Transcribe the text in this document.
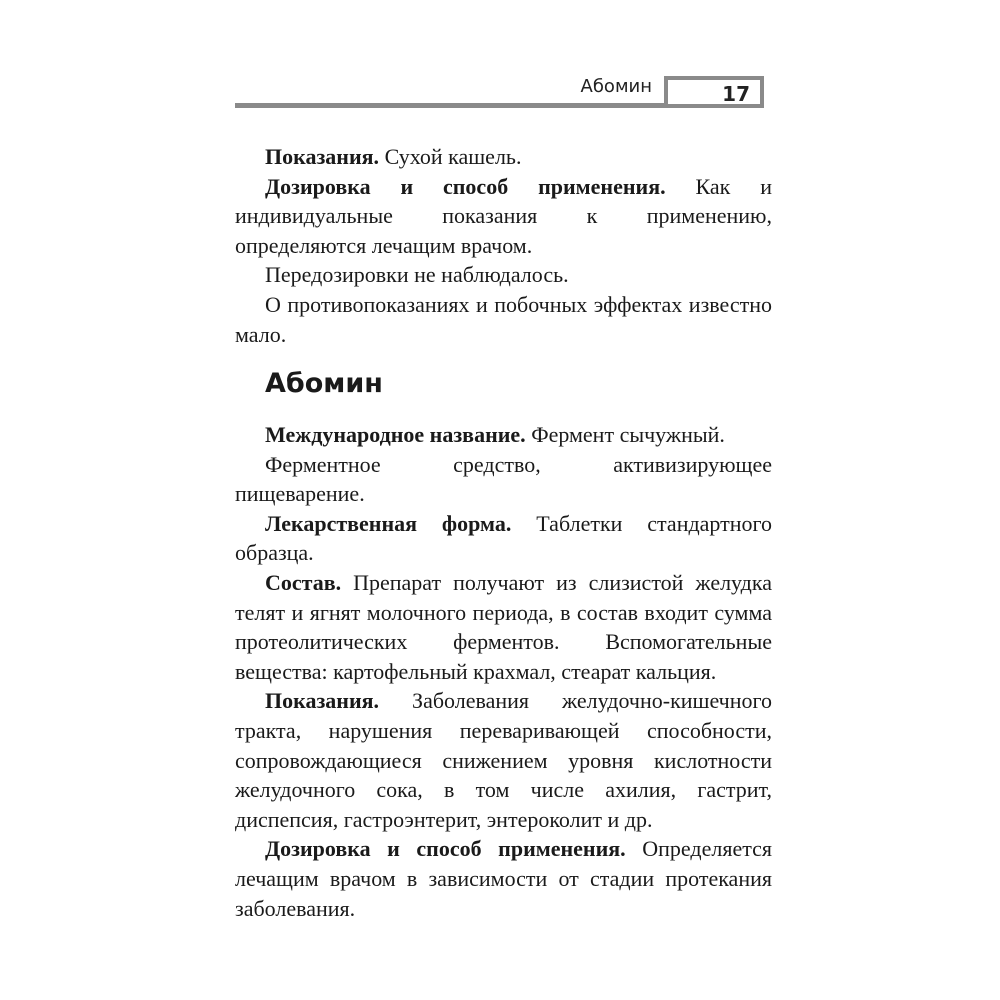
Абомин	17

Показания. Сухой кашель.

Дозировка и способ применения. Как и индивидуальные показания к применению, определяются лечащим врачом.

Передозировки не наблюдалось.

О противопоказаниях и побочных эффектах известно мало.

Абомин

Международное название. Фермент сычужный.

Ферментное средство, активизирующее пищеварение.

Лекарственная форма. Таблетки стандартного образца.

Состав. Препарат получают из слизистой желудка телят и ягнят молочного периода, в состав входит сумма протеолитических ферментов. Вспомогательные вещества: картофельный крахмал, стеарат кальция.

Показания. Заболевания желудочно-кишечного тракта, нарушения переваривающей способности, сопровождающиеся снижением уровня кислотности желудочного сока, в том числе ахилия, гастрит, диспепсия, гастроэнтерит, энтероколит и др.

Дозировка и способ применения. Определяется лечащим врачом в зависимости от стадии протекания заболевания.
